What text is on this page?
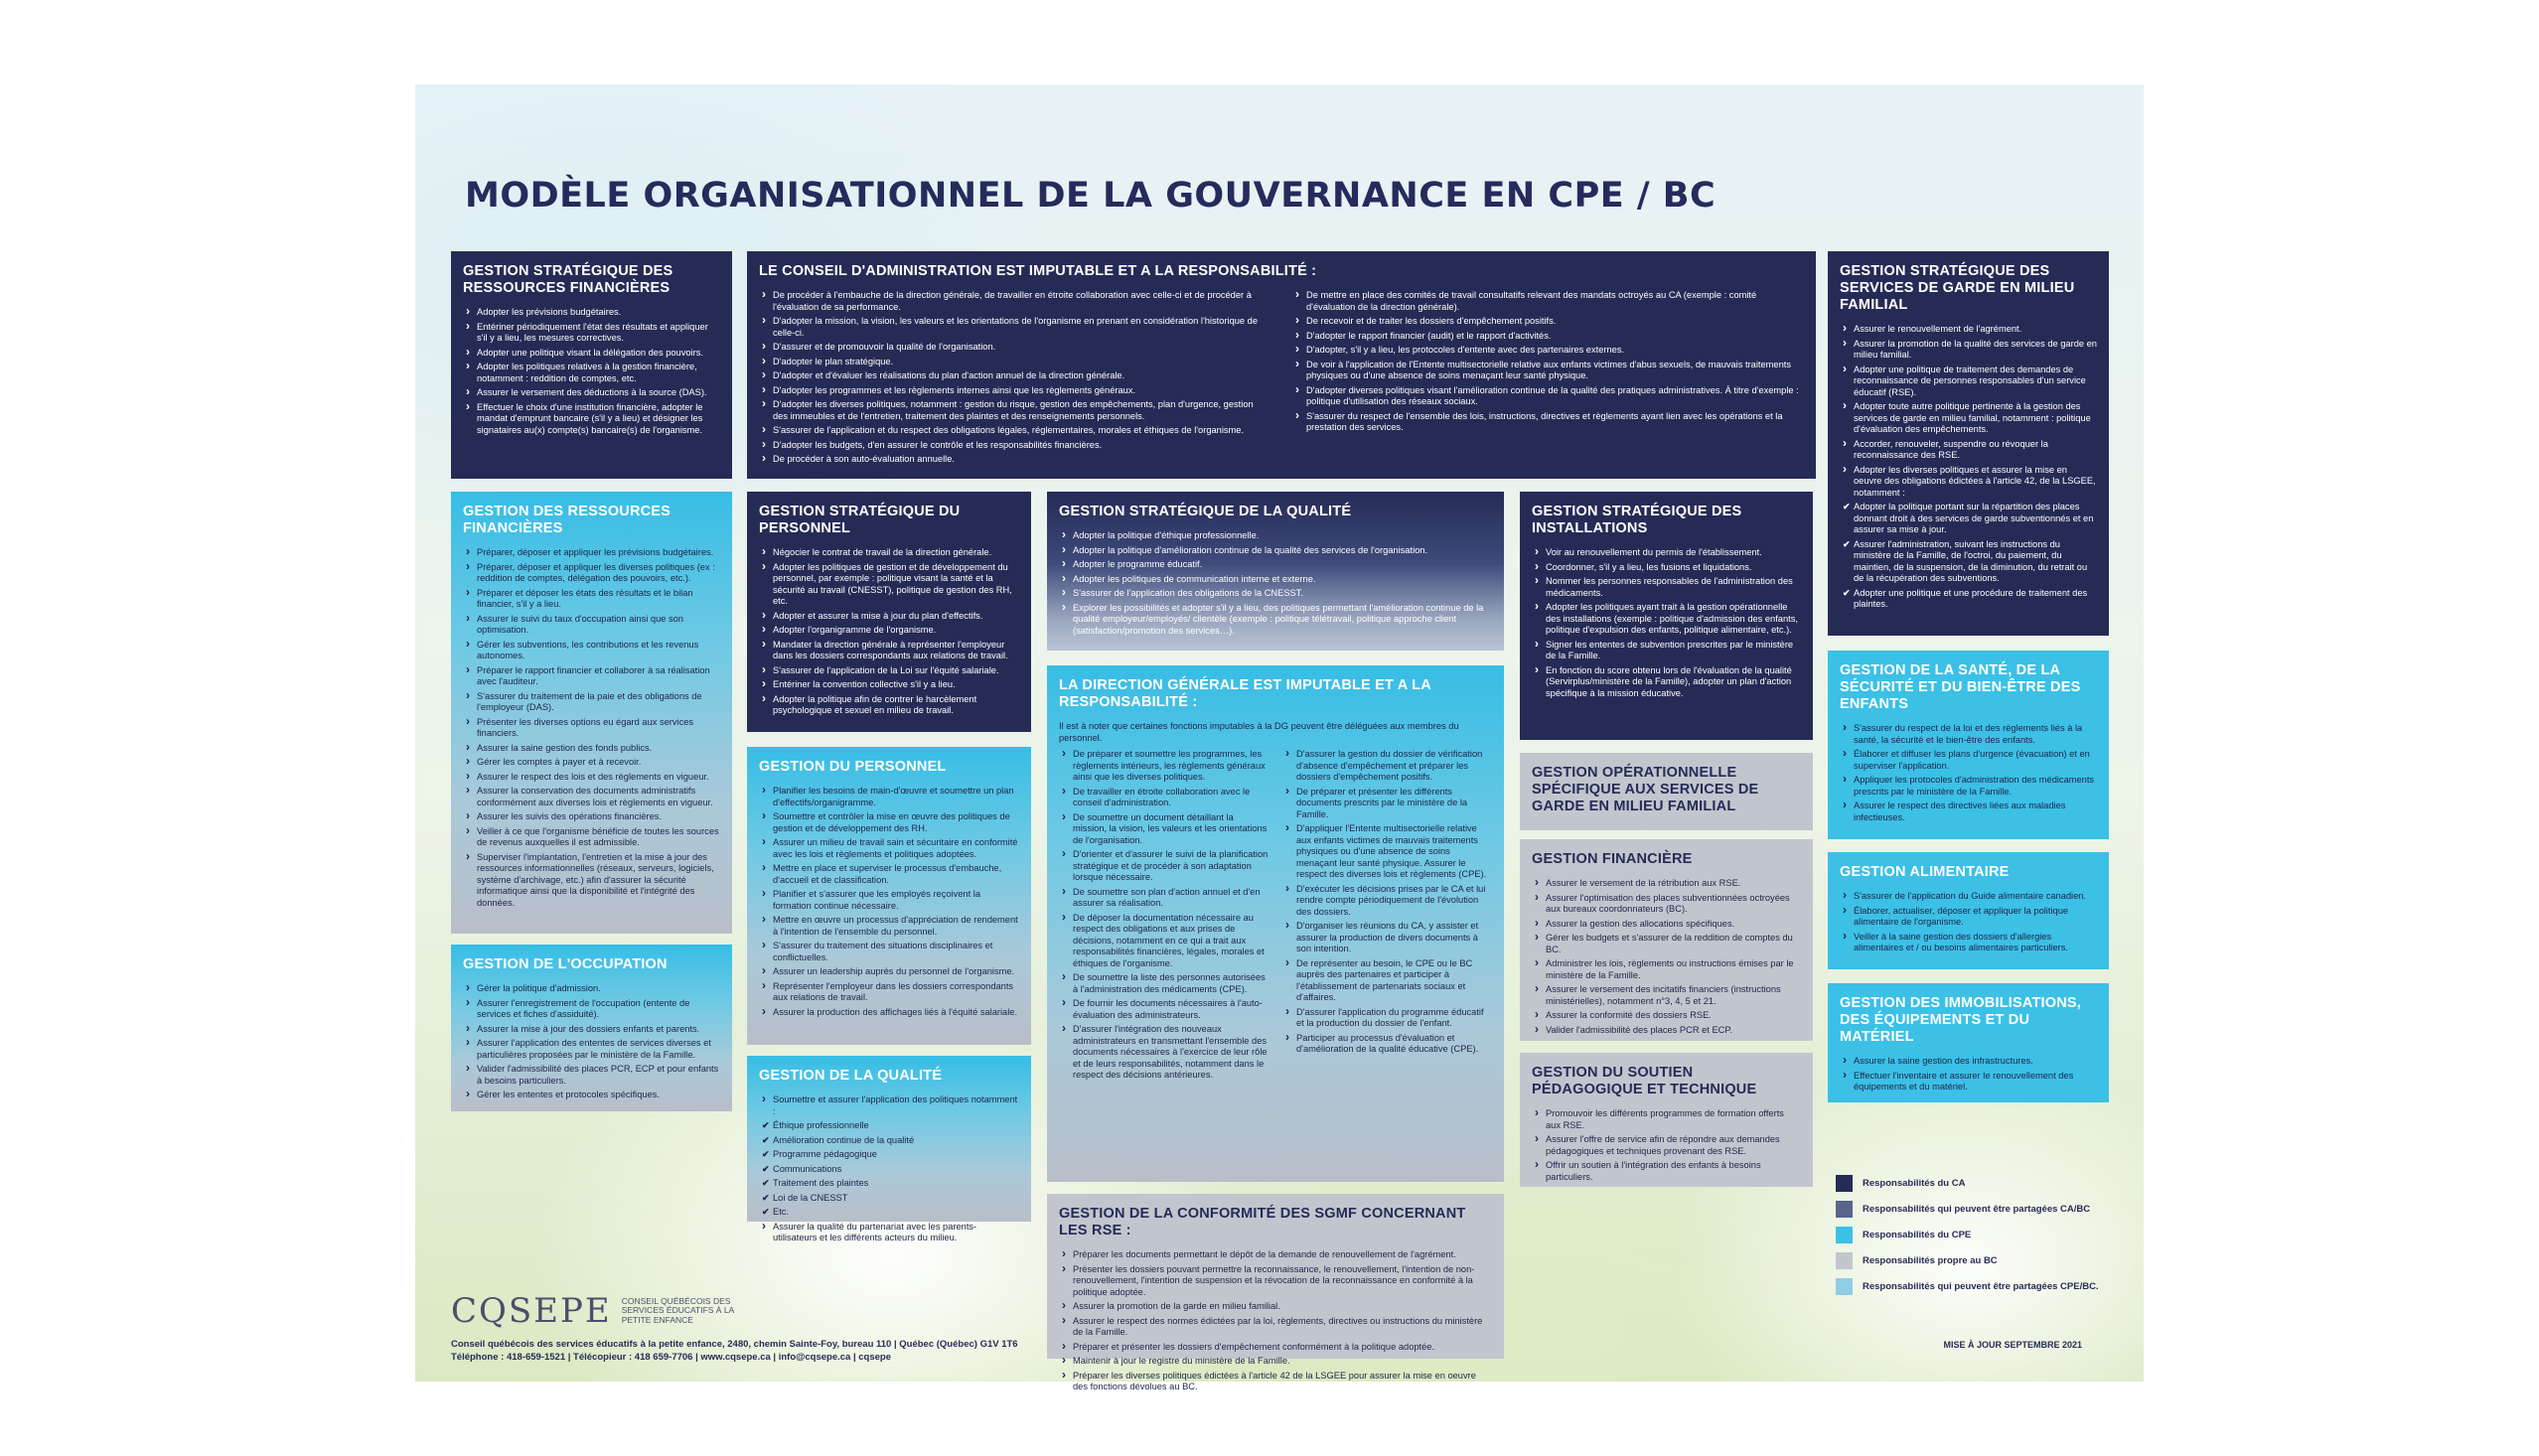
MODÈLE ORGANISATIONNEL DE LA GOUVERNANCE EN CPE / BC
GESTION STRATÉGIQUE DES RESSOURCES FINANCIÈRES
› Adopter les prévisions budgétaires.
› Entériner périodiquement l'état des résultats et appliquer s'il y a lieu, les mesures correctives.
› Adopter une politique visant la délégation des pouvoirs.
› Adopter les politiques relatives à la gestion financière, notamment : reddition de comptes, etc.
› Assurer le versement des déductions à la source (DAS).
› Effectuer le choix d'une institution financière, adopter le mandat d'emprunt bancaire (s'il y a lieu) et désigner les signataires au(x) compte(s) bancaire(s) de l'organisme.
LE CONSEIL D'ADMINISTRATION EST IMPUTABLE ET A LA RESPONSABILITÉ :
› De procéder à l'embauche de la direction générale, de travailler en étroite collaboration avec celle-ci et de procéder à l'évaluation de sa performance.
› D'adopter la mission, la vision, les valeurs et les orientations de l'organisme en prenant en considération l'historique de celle-ci.
› D'assurer et de promouvoir la qualité de l'organisation.
› D'adopter le plan stratégique.
› D'adopter et d'évaluer les réalisations du plan d'action annuel de la direction générale.
› D'adopter les programmes et les règlements internes ainsi que les règlements généraux.
› D'adopter les diverses politiques, notamment : gestion du risque, gestion des empêchements, plan d'urgence, gestion des immeubles et de l'entretien, traitement des plaintes et des renseignements personnels.
› S'assurer de l'application et du respect des obligations légales, réglementaires, morales et éthiques de l'organisme.
› D'adopter les budgets, d'en assurer le contrôle et les responsabilités financières.
› De procéder à son auto-évaluation annuelle.
› De mettre en place des comités de travail consultatifs relevant des mandats octroyés au CA (exemple : comité d'évaluation de la direction générale).
› De recevoir et de traiter les dossiers d'empêchement positifs.
› D'adopter le rapport financier (audit) et le rapport d'activités.
› D'adopter, s'il y a lieu, les protocoles d'entente avec des partenaires externes.
› De voir à l'application de l'Entente multisectorielle relative aux enfants victimes d'abus sexuels, de mauvais traitements physiques ou d'une absence de soins menaçant leur santé physique.
› D'adopter diverses politiques visant l'amélioration continue de la qualité des pratiques administratives. À titre d'exemple : politique d'utilisation des réseaux sociaux.
› S'assurer du respect de l'ensemble des lois, instructions, directives et règlements ayant lien avec les opérations et la prestation des services.
GESTION STRATÉGIQUE DES SERVICES DE GARDE EN MILIEU FAMILIAL
› Assurer le renouvellement de l'agrément.
› Assurer la promotion de la qualité des services de garde en milieu familial.
› Adopter une politique de traitement des demandes de reconnaissance de personnes responsables d'un service éducatif (RSE).
› Adopter toute autre politique pertinente à la gestion des services de garde en milieu familial, notamment : politique d'évaluation des empêchements.
› Accorder, renouveler, suspendre ou révoquer la reconnaissance des RSE.
› Adopter les diverses politiques et assurer la mise en oeuvre des obligations édictées à l'article 42, de la LSGEE, notamment :
✔ Adopter la politique portant sur la répartition des places donnant droit à des services de garde subventionnés et en assurer sa mise à jour.
✔ Assurer l'administration, suivant les instructions du ministère de la Famille, de l'octroi, du paiement, du maintien, de la suspension, de la diminution, du retrait ou de la récupération des subventions.
✔ Adopter une politique et une procédure de traitement des plaintes.
GESTION DES RESSOURCES FINANCIÈRES
› Préparer, déposer et appliquer les prévisions budgétaires.
› Préparer, déposer et appliquer les diverses politiques (ex : reddition de comptes, délégation des pouvoirs, etc.).
› Préparer et déposer les états des résultats et le bilan financier, s'il y a lieu.
› Assurer le suivi du taux d'occupation ainsi que son optimisation.
› Gérer les subventions, les contributions et les revenus autonomes.
› Préparer le rapport financier et collaborer à sa réalisation avec l'auditeur.
› S'assurer du traitement de la paie et des obligations de l'employeur (DAS).
› Présenter les diverses options eu égard aux services financiers.
› Assurer la saine gestion des fonds publics.
› Gérer les comptes à payer et à recevoir.
› Assurer le respect des lois et des règlements en vigueur.
› Assurer la conservation des documents administratifs conformément aux diverses lois et règlements en vigueur.
› Assurer les suivis des opérations financières.
› Veiller à ce que l'organisme bénéficie de toutes les sources de revenus auxquelles il est admissible.
› Superviser l'implantation, l'entretien et la mise à jour des ressources informationnelles (réseaux, serveurs, logiciels, système d'archivage, etc.) afin d'assurer la sécurité informatique ainsi que la disponibilité et l'intégrité des données.
GESTION STRATÉGIQUE DU PERSONNEL
› Négocier le contrat de travail de la direction générale.
› Adopter les politiques de gestion et de développement du personnel, par exemple : politique visant la santé et la sécurité au travail (CNESST), politique de gestion des RH, etc.
› Adopter et assurer la mise à jour du plan d'effectifs.
› Adopter l'organigramme de l'organisme.
› Mandater la direction générale à représenter l'employeur dans les dossiers correspondants aux relations de travail.
› S'assurer de l'application de la Loi sur l'équité salariale.
› Entériner la convention collective s'il y a lieu.
› Adopter la politique afin de contrer le harcèlement psychologique et sexuel en milieu de travail.
GESTION STRATÉGIQUE DE LA QUALITÉ
› Adopter la politique d'éthique professionnelle.
› Adopter la politique d'amélioration continue de la qualité des services de l'organisation.
› Adopter le programme éducatif.
› Adopter les politiques de communication interne et externe.
› S'assurer de l'application des obligations de la CNESST.
› Explorer les possibilités et adopter s'il y a lieu, des politiques permettant l'amélioration continue de la qualité employeur/employés/ clientèle (exemple : politique télétravail, politique approche client (satisfaction/promotion des services…).
GESTION STRATÉGIQUE DES INSTALLATIONS
› Voir au renouvellement du permis de l'établissement.
› Coordonner, s'il y a lieu, les fusions et liquidations.
› Nommer les personnes responsables de l'administration des médicaments.
› Adopter les politiques ayant trait à la gestion opérationnelle des installations (exemple : politique d'admission des enfants, politique d'expulsion des enfants, politique alimentaire, etc.).
› Signer les ententes de subvention prescrites par le ministère de la Famille.
› En fonction du score obtenu lors de l'évaluation de la qualité (Servirplus/ministère de la Famille), adopter un plan d'action spécifique à la mission éducative.
GESTION DE LA SANTÉ, DE LA SÉCURITÉ ET DU BIEN-ÊTRE DES ENFANTS
› S'assurer du respect de la loi et des règlements liés à la santé, la sécurité et le bien-être des enfants.
› Élaborer et diffuser les plans d'urgence (évacuation) et en superviser l'application.
› Appliquer les protocoles d'administration des médicaments prescrits par le ministère de la Famille.
› Assurer le respect des directives liées aux maladies infectieuses.
LA DIRECTION GÉNÉRALE EST IMPUTABLE ET A LA RESPONSABILITÉ :
Il est à noter que certaines fonctions imputables à la DG peuvent être déléguées aux membres du personnel.
› De préparer et soumettre les programmes, les règlements intérieurs, les règlements généraux ainsi que les diverses politiques.
› De travailler en étroite collaboration avec le conseil d'administration.
› De soumettre un document détaillant la mission, la vision, les valeurs et les orientations de l'organisation.
› D'orienter et d'assurer le suivi de la planification stratégique et de procéder à son adaptation lorsque nécessaire.
› De soumettre son plan d'action annuel et d'en assurer sa réalisation.
› De déposer la documentation nécessaire au respect des obligations et aux prises de décisions, notamment en ce qui a trait aux responsabilités financières, légales, morales et éthiques de l'organisme.
› De soumettre la liste des personnes autorisées à l'administration des médicaments (CPE).
› De fournir les documents nécessaires à l'auto-évaluation des administrateurs.
› D'assurer l'intégration des nouveaux administrateurs en transmettant l'ensemble des documents nécessaires à l'exercice de leur rôle et de leurs responsabilités, notamment dans le respect des décisions antérieures.
› D'assurer la gestion du dossier de vérification d'absence d'empêchement et préparer les dossiers d'empêchement positifs.
› De préparer et présenter les différents documents prescrits par le ministère de la Famille.
› D'appliquer l'Entente multisectorielle relative aux enfants victimes de mauvais traitements physiques ou d'une absence de soins menaçant leur santé physique. Assurer le respect des diverses lois et règlements (CPE).
› D'exécuter les décisions prises par le CA et lui rendre compte périodiquement de l'évolution des dossiers.
› D'organiser les réunions du CA, y assister et assurer la production de divers documents à son intention.
› De représenter au besoin, le CPE ou le BC auprès des partenaires et participer à l'établissement de partenariats sociaux et d'affaires.
› D'assurer l'application du programme éducatif et la production du dossier de l'enfant.
› Participer au processus d'évaluation et d'amélioration de la qualité éducative (CPE).
GESTION DU PERSONNEL
› Planifier les besoins de main-d'œuvre et soumettre un plan d'effectifs/organigramme.
› Soumettre et contrôler la mise en œuvre des politiques de gestion et de développement des RH.
› Assurer un milieu de travail sain et sécuritaire en conformité avec les lois et règlements et politiques adoptées.
› Mettre en place et superviser le processus d'embauche, d'accueil et de classification.
› Planifier et s'assurer que les employés reçoivent la formation continue nécessaire.
› Mettre en œuvre un processus d'appréciation de rendement à l'intention de l'ensemble du personnel.
› S'assurer du traitement des situations disciplinaires et conflictuelles.
› Assurer un leadership auprès du personnel de l'organisme.
› Représenter l'employeur dans les dossiers correspondants aux relations de travail.
› Assurer la production des affichages liés à l'équité salariale.
GESTION OPÉRATIONNELLE SPÉCIFIQUE AUX SERVICES DE GARDE EN MILIEU FAMILIAL
GESTION FINANCIÈRE
› Assurer le versement de la rétribution aux RSE.
› Assurer l'optimisation des places subventionnées octroyées aux bureaux coordonnateurs (BC).
› Assurer la gestion des allocations spécifiques.
› Gérer les budgets et s'assurer de la reddition de comptes du BC.
› Administrer les lois, règlements ou instructions émises par le ministère de la Famille.
› Assurer le versement des incitatifs financiers (instructions ministérielles), notamment n°3, 4, 5 et 21.
› Assurer la conformité des dossiers RSE.
› Valider l'admissibilité des places PCR et ECP.
GESTION ALIMENTAIRE
› S'assurer de l'application du Guide alimentaire canadien.
› Élaborer, actualiser, déposer et appliquer la politique alimentaire de l'organisme.
› Veiller à la saine gestion des dossiers d'allergies alimentaires et / ou besoins alimentaires particuliers.
GESTION DE L'OCCUPATION
› Gérer la politique d'admission.
› Assurer l'enregistrement de l'occupation (entente de services et fiches d'assiduité).
› Assurer la mise à jour des dossiers enfants et parents.
› Assurer l'application des ententes de services diverses et particulières proposées par le ministère de la Famille.
› Valider l'admissibilité des places PCR, ECP et pour enfants à besoins particuliers.
› Gérer les ententes et protocoles spécifiques.
GESTION DE LA QUALITÉ
› Soumettre et assurer l'application des politiques notamment :
✔ Éthique professionnelle
✔ Amélioration continue de la qualité
✔ Programme pédagogique
✔ Communications
✔ Traitement des plaintes
✔ Loi de la CNESST
✔ Etc.
› Assurer la qualité du partenariat avec les parents-utilisateurs et les différents acteurs du milieu.
GESTION DES IMMOBILISATIONS, DES ÉQUIPEMENTS ET DU MATÉRIEL
› Assurer la saine gestion des infrastructures.
› Effectuer l'inventaire et assurer le renouvellement des équipements et du matériel.
GESTION DU SOUTIEN PÉDAGOGIQUE ET TECHNIQUE
› Promouvoir les différents programmes de formation offerts aux RSE.
› Assurer l'offre de service afin de répondre aux demandes pédagogiques et techniques provenant des RSE.
› Offrir un soutien à l'intégration des enfants à besoins particuliers.
GESTION DE LA CONFORMITÉ DES SGMF CONCERNANT LES RSE :
› Préparer les documents permettant le dépôt de la demande de renouvellement de l'agrément.
› Présenter les dossiers pouvant permettre la reconnaissance, le renouvellement, l'intention de non-renouvellement, l'intention de suspension et la révocation de la reconnaissance en conformité à la politique adoptée.
› Assurer la promotion de la garde en milieu familial.
› Assurer le respect des normes édictées par la loi, règlements, directives ou instructions du ministère de la Famille.
› Préparer et présenter les dossiers d'empêchement conformément à la politique adoptée.
› Maintenir à jour le registre du ministère de la Famille.
› Préparer les diverses politiques édictées à l'article 42 de la LSGEE pour assurer la mise en oeuvre des fonctions dévolues au BC.
Responsabilités du CA
Responsabilités qui peuvent être partagées CA/BC
Responsabilités du CPE
Responsabilités propre au BC
Responsabilités qui peuvent être partagées CPE/BC.
CQSEPE CONSEIL QUÉBÉCOIS DES SERVICES ÉDUCATIFS À LA PETITE ENFANCE
Conseil québécois des services éducatifs à la petite enfance, 2480, chemin Sainte-Foy, bureau 110 | Québec (Québec) G1V 1T6
Téléphone : 418-659-1521 | Télécopieur : 418 659-7706 | www.cqsepe.ca | info@cqsepe.ca | cqsepe
MISE À JOUR SEPTEMBRE 2021
